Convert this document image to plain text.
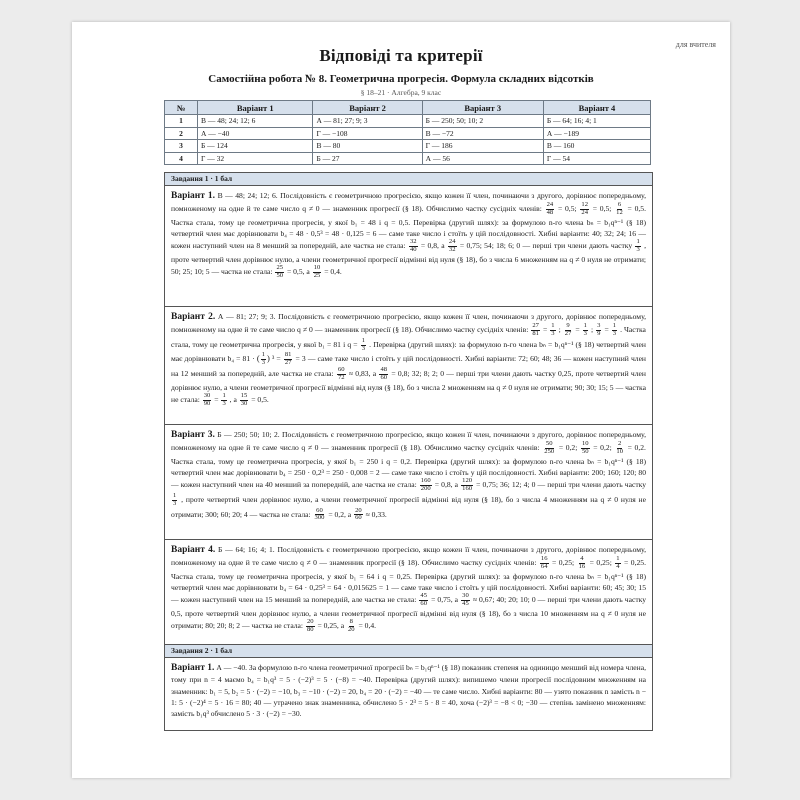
для вчителя
Відповіді та критерії
Самостійна робота № 8. Геометрична прогресія. Формула складних відсотків
§ 18–21 · Алгебра, 9 клас
№	Варіант 1	Варіант 2	Варіант 3	Варіант 4
1	В — 48; 24; 12; 6	А — 81; 27; 9; 3	Б — 250; 50; 10; 2	Б — 64; 16; 4; 1
2	А — −40	Г — −108	В — −72	А — −189
3	Б — 124	В — 80	Г — 186	В — 160
4	Г — 32	Б — 27	А — 56	Г — 54
Завдання 1 · 1 бал
Варіант 1. В — 48; 24; 12; 6. Послідовність є геометричною прогресією, якщо кожен її член, починаючи з другого, дорівнює попередньому, помноженому на одне й те саме число q ≠ 0 — знаменник прогресії (§ 18). Обчислимо частку сусідніх членів: $\frac{24}{48} = 0,5$; $\frac{12}{24} = 0,5$; $\frac{6}{12} = 0,5$. Частка стала, тому це геометрична прогресія, у якої b₁ = 48 і q = 0,5. Перевірка (другий шлях): за формулою n-го члена bₙ = b₁qⁿ⁻¹ (§ 18) четвертий член має дорівнювати b₄ = 48 · 0,5³ = 48 · 0,125 = 6 — саме таке число і стоїть у цій послідовності. Хибні варіанти: 40; 32; 24; 16 — кожен наступний член на 8 менший за попередній, але частка не стала: $\frac{32}{40} = 0,8$, а $\frac{24}{32} = 0,75$; 54; 18; 6; 0 — перші три члени дають частку $\frac{1}{3}$ , проте четвертий член дорівнює нулю, а члени геометричної прогресії відмінні від нуля (§ 18), бо з числа 6 множенням на q ≠ 0 нуля не отримати; 50; 25; 10; 5 — частка не стала: $\frac{25}{50} = 0,5$, а $\frac{10}{25} = 0,4$.
Варіант 2. А — 81; 27; 9; 3. Послідовність є геометричною прогресією, якщо кожен її член, починаючи з другого, дорівнює попередньому, помноженому на одне й те саме число q ≠ 0 — знаменник прогресії (§ 18). Обчислимо частку сусідніх членів: $\frac{27}{81} = \frac{1}{3}$ ; $\frac{9}{27} = \frac{1}{3}$ ; $\frac{3}{9} = \frac{1}{3}$ . Частка стала, тому це геометрична прогресія, у якої b₁ = 81 і $q = \frac{1}{3}$ . Перевірка (другий шлях): за формулою n-го члена bₙ = b₁qⁿ⁻¹ (§ 18) четвертий член має дорівнювати b₄ = 81 · ( $\frac{1}{3}$ ) $^3 = \frac{81}{27} = 3$ — саме таке число і стоїть у цій послідовності. Хибні варіанти: 72; 60; 48; 36 — кожен наступний член на 12 менший за попередній, але частка не стала: $\frac{60}{72} \approx 0,83$, а $\frac{48}{60} = 0,8$; 32; 8; 2; 0 — перші три члени дають частку 0,25, проте четвертий член дорівнює нулю, а члени геометричної прогресії відмінні від нуля (§ 18), бо з числа 2 множенням на q ≠ 0 нуля не отримати; 90; 30; 15; 5 — частка не стала: $\frac{30}{90} = \frac{1}{3}$ , а $\frac{15}{30} = 0,5$.
Варіант 3. Б — 250; 50; 10; 2. Послідовність є геометричною прогресією, якщо кожен її член, починаючи з другого, дорівнює попередньому, помноженому на одне й те саме число q ≠ 0 — знаменник прогресії (§ 18). Обчислимо частку сусідніх членів: $\frac{50}{250} = 0,2$; $\frac{10}{50} = 0,2$; $\frac{2}{10} = 0,2$. Частка стала, тому це геометрична прогресія, у якої b₁ = 250 і q = 0,2. Перевірка (другий шлях): за формулою n-го члена bₙ = b₁qⁿ⁻¹ (§ 18) четвертий член має дорівнювати b₄ = 250 · 0,2³ = 250 · 0,008 = 2 — саме таке число і стоїть у цій послідовності. Хибні варіанти: 200; 160; 120; 80 — кожен наступний член на 40 менший за попередній, але частка не стала: $\frac{160}{200} = 0,8$, а $\frac{120}{160} = 0,75$; 36; 12; 4; 0 — перші три члени дають частку
$\frac{1}{3}$ , проте четвертий член дорівнює нулю, а члени геометричної прогресії відмінні від нуля (§ 18), бо з числа 4 множенням на q ≠ 0 нуля не отримати; 300; 60; 20; 4 — частка не стала: $\frac{60}{300} = 0,2$, а $\frac{20}{60} \approx 0,33$.
Варіант 4. Б — 64; 16; 4; 1. Послідовність є геометричною прогресією, якщо кожен її член, починаючи з другого, дорівнює попередньому, помноженому на одне й те саме число q ≠ 0 — знаменник прогресії (§ 18). Обчислимо частку сусідніх членів: $\frac{16}{64} = 0,25$; $\frac{4}{16} = 0,25$; $\frac{1}{4} = 0,25$. Частка стала, тому це геометрична прогресія, у якої b₁ = 64 і q = 0,25. Перевірка (другий шлях): за формулою n-го члена bₙ = b₁qⁿ⁻¹ (§ 18) четвертий член має дорівнювати b₄ = 64 · 0,25³ = 64 · 0,015625 = 1 — саме таке число і стоїть у цій послідовності. Хибні варіанти: 60; 45; 30; 15 — кожен наступний член на 15 менший за попередній, але частка не стала: $\frac{45}{60} = 0,75$, а $\frac{30}{45} \approx 0,67$; 40; 20; 10; 0 — перші три члени дають частку 0,5, проте четвертий член дорівнює нулю, а члени геометричної прогресії відмінні від нуля (§ 18), бо з числа 10 множенням на q ≠ 0 нуля не отримати; 80; 20; 8; 2 — частка не стала: $\frac{20}{80} = 0,25$, а $\frac{8}{20} = 0,4$.
Завдання 2 · 1 бал
Варіант 1. А — −40. За формулою n-го члена геометричної прогресії bₙ = b₁qⁿ⁻¹ (§ 18) показник степеня на одиницю менший від номера члена, тому при n = 4 маємо b₄ = b₁q³ = 5 · (−2)³ = 5 · (−8) = −40. Перевірка (другий шлях): випишемо члени прогресії послідовним множенням на знаменник: b₁ = 5, b₂ = 5 · (−2) = −10, b₃ = −10 · (−2) = 20, b₄ = 20 · (−2) = −40 — те саме число. Хибні варіанти: 80 — узято показник n замість n − 1: 5 · (−2)⁴ = 5 · 16 = 80; 40 — утрачено знак знаменника, обчислено 5 · 2³ = 5 · 8 = 40, хоча (−2)³ = −8 < 0; −30 — степінь замінено множенням: замість b₁q³ обчислено 5 · 3 · (−2) = −30.
